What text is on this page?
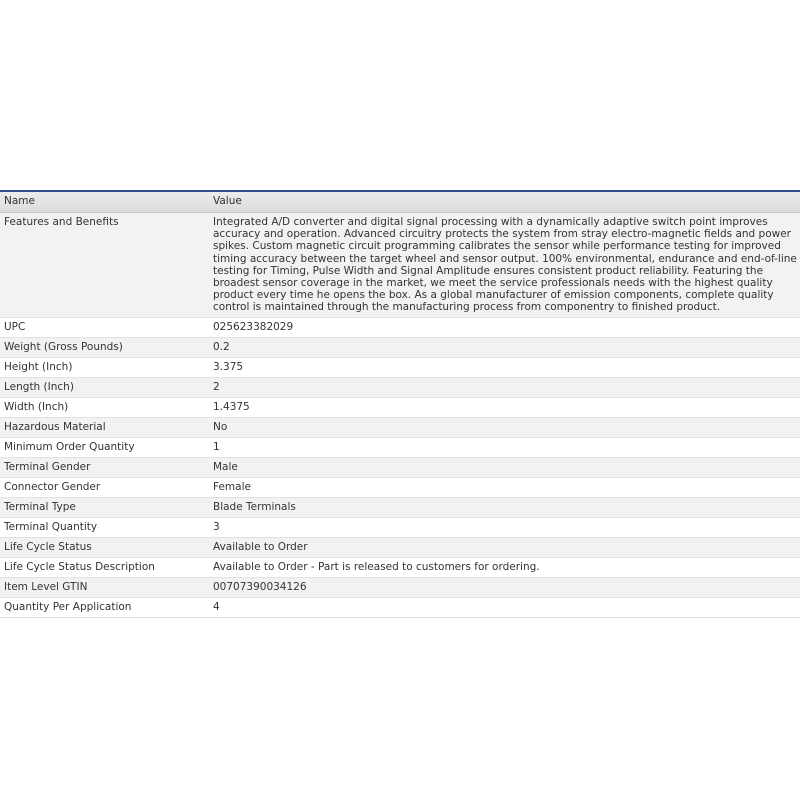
Name	Value
Features and Benefits	Integrated A/D converter and digital signal processing with a dynamically adaptive switch point improves accuracy and operation. Advanced circuitry protects the system from stray electro-magnetic fields and power spikes. Custom magnetic circuit programming calibrates the sensor while performance testing for improved timing accuracy between the target wheel and sensor output. 100% environmental, endurance and end-of-line testing for Timing, Pulse Width and Signal Amplitude ensures consistent product reliability. Featuring the broadest sensor coverage in the market, we meet the service professionals needs with the highest quality product every time he opens the box. As a global manufacturer of emission components, complete quality control is maintained through the manufacturing process from componentry to finished product.
UPC	025623382029
Weight (Gross Pounds)	0.2
Height (Inch)	3.375
Length (Inch)	2
Width (Inch)	1.4375
Hazardous Material	No
Minimum Order Quantity	1
Terminal Gender	Male
Connector Gender	Female
Terminal Type	Blade Terminals
Terminal Quantity	3
Life Cycle Status	Available to Order
Life Cycle Status Description	Available to Order - Part is released to customers for ordering.
Item Level GTIN	00707390034126
Quantity Per Application	4
